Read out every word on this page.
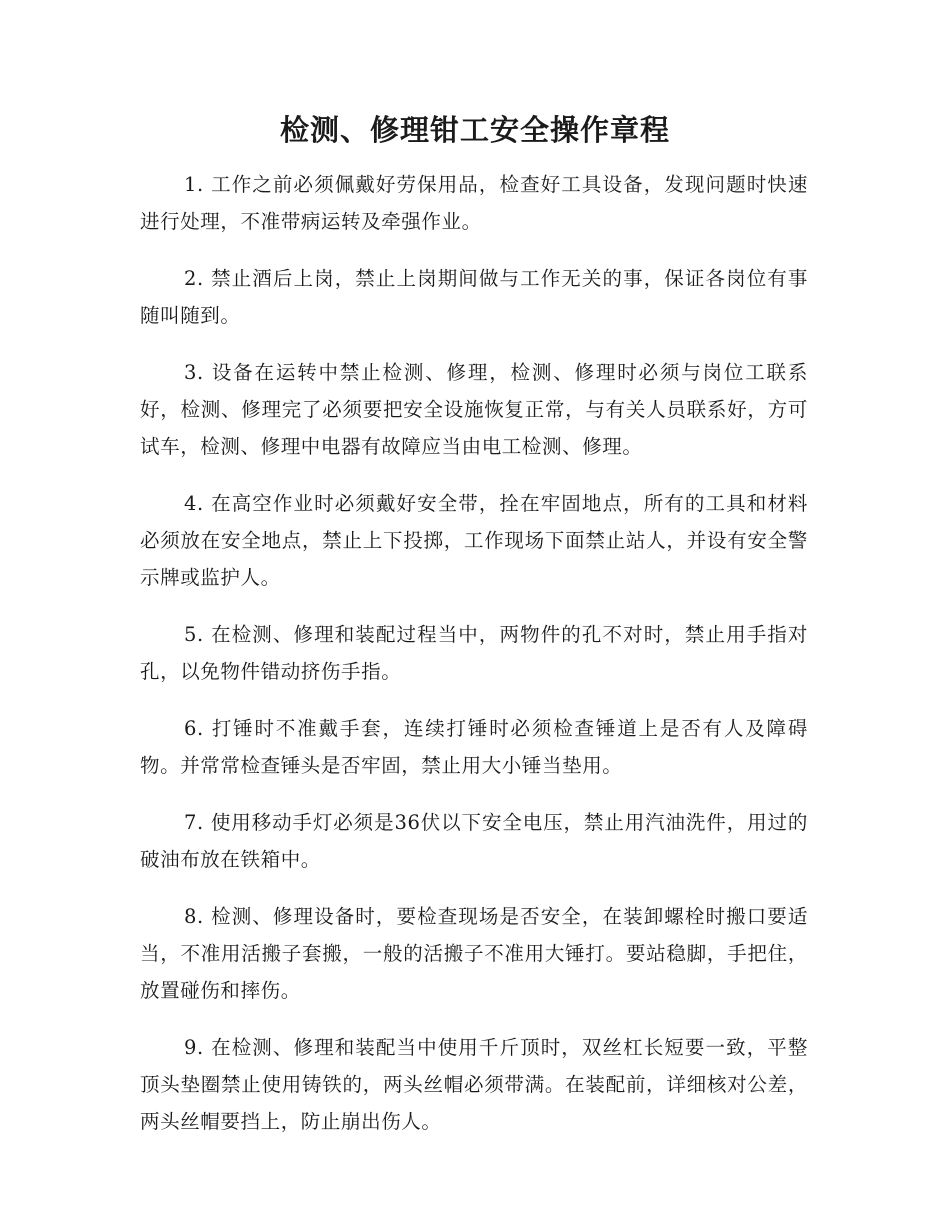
检测、修理钳工安全操作章程

1. 工作之前必须佩戴好劳保用品，检查好工具设备，发现问题时快速进行处理，不准带病运转及牵强作业。

2. 禁止酒后上岗，禁止上岗期间做与工作无关的事，保证各岗位有事随叫随到。

3. 设备在运转中禁止检测、修理，检测、修理时必须与岗位工联系好，检测、修理完了必须要把安全设施恢复正常，与有关人员联系好，方可试车，检测、修理中电器有故障应当由电工检测、修理。

4. 在高空作业时必须戴好安全带，拴在牢固地点，所有的工具和材料必须放在安全地点，禁止上下投掷，工作现场下面禁止站人，并设有安全警示牌或监护人。

5. 在检测、修理和装配过程当中，两物件的孔不对时，禁止用手指对孔，以免物件错动挤伤手指。

6. 打锤时不准戴手套，连续打锤时必须检查锤道上是否有人及障碍物。并常常检查锤头是否牢固，禁止用大小锤当垫用。

7. 使用移动手灯必须是36伏以下安全电压，禁止用汽油洗件，用过的破油布放在铁箱中。

8. 检测、修理设备时，要检查现场是否安全，在装卸螺栓时搬口要适当，不准用活搬子套搬，一般的活搬子不准用大锤打。要站稳脚，手把住，放置碰伤和摔伤。

9. 在检测、修理和装配当中使用千斤顶时，双丝杠长短要一致，平整顶头垫圈禁止使用铸铁的，两头丝帽必须带满。在装配前，详细核对公差，两头丝帽要挡上，防止崩出伤人。
